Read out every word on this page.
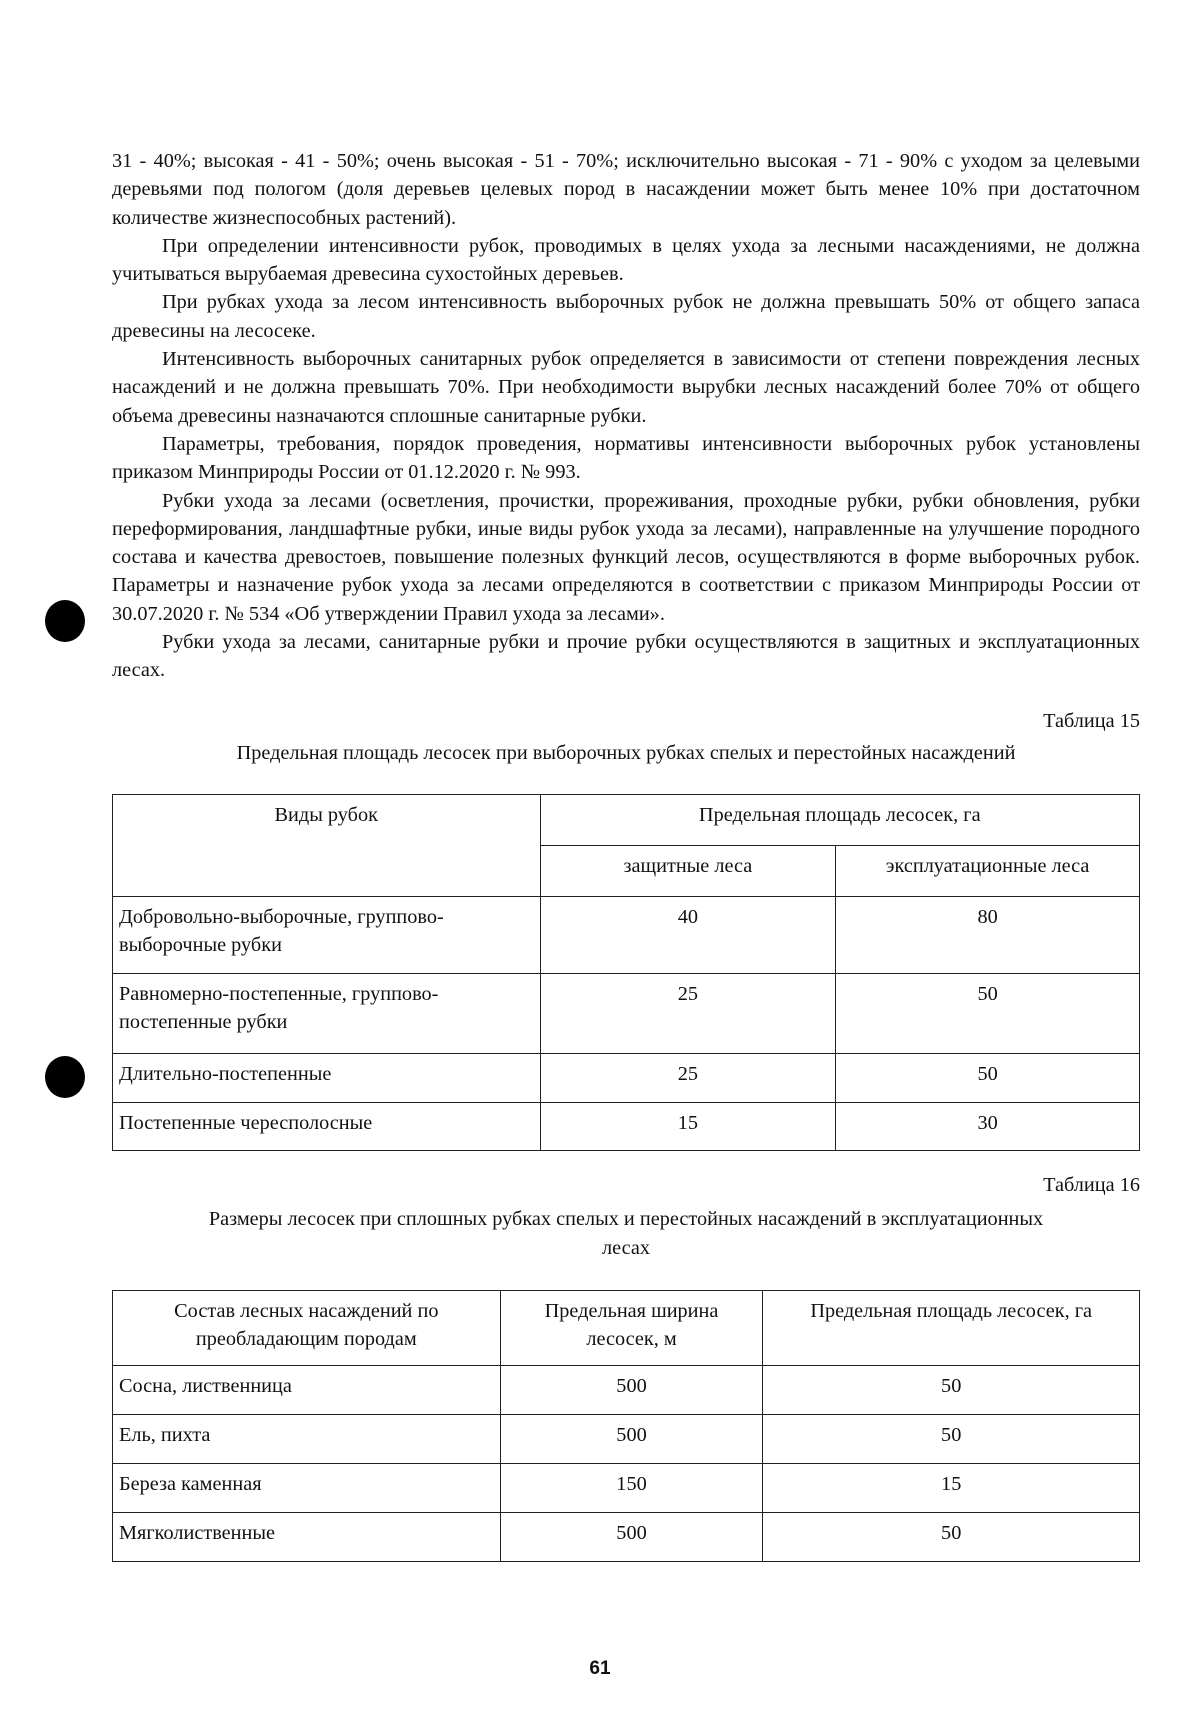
31 - 40%; высокая - 41 - 50%; очень высокая - 51 - 70%; исключительно высокая - 71 - 90% с уходом за целевыми деревьями под пологом (доля деревьев целевых пород в насаждении может быть менее 10% при достаточном количестве жизнеспособных растений).

При определении интенсивности рубок, проводимых в целях ухода за лесными насаждениями, не должна учитываться вырубаемая древесина сухостойных деревьев.

При рубках ухода за лесом интенсивность выборочных рубок не должна превышать 50% от общего запаса древесины на лесосеке.

Интенсивность выборочных санитарных рубок определяется в зависимости от степени повреждения лесных насаждений и не должна превышать 70%. При необходимости вырубки лесных насаждений более 70% от общего объема древесины назначаются сплошные санитарные рубки.

Параметры, требования, порядок проведения, нормативы интенсивности выборочных рубок установлены приказом Минприроды России от 01.12.2020 г. № 993.

Рубки ухода за лесами (осветления, прочистки, прореживания, проходные рубки, рубки обновления, рубки переформирования, ландшафтные рубки, иные виды рубок ухода за лесами), направленные на улучшение породного состава и качества древостоев, повышение полезных функций лесов, осуществляются в форме выборочных рубок. Параметры и назначение рубок ухода за лесами определяются в соответствии с приказом Минприроды России от 30.07.2020 г. № 534 «Об утверждении Правил ухода за лесами».

Рубки ухода за лесами, санитарные рубки и прочие рубки осуществляются в защитных и эксплуатационных лесах.

Таблица 15
Предельная площадь лесосек при выборочных рубках спелых и перестойных насаждений
Виды рубок	Предельная площадь лесосек, га	
	защитные леса	эксплуатационные леса
Добровольно-выборочные, группово-выборочные рубки	40	80
Равномерно-постепенные, группово-постепенные рубки	25	50
Длительно-постепенные	25	50
Постепенные чересполосные	15	30
Таблица 16
Размеры лесосек при сплошных рубках спелых и перестойных насаждений в эксплуатационных
лесах
Состав лесных насаждений по преобладающим породам	Предельная ширина лесосек, м	Предельная площадь лесосек, га
Сосна, лиственница	500	50
Ель, пихта	500	50
Береза каменная	150	15
Мягколиственные	500	50
61
